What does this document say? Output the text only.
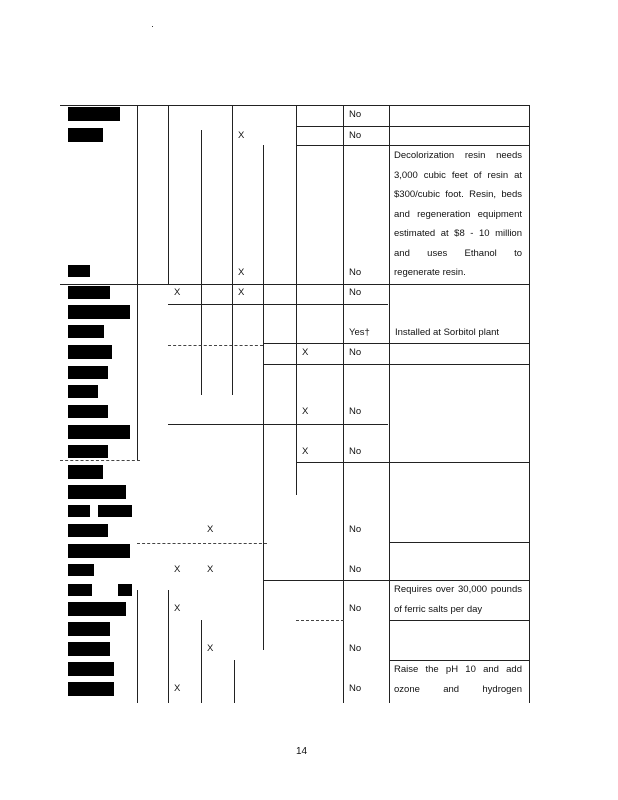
X
X
X	X
X
X
X
X
X	X
X
X
X
No
No
No
No
Yes†
No
No
No
No
No
No
No
No
Decolorization resin needs
3,000 cubic feet of resin at
$300/cubic foot. Resin, beds
and regeneration equipment
estimated at $8 - 10 million
and uses Ethanol to
regenerate resin.
Installed at Sorbitol plant
Requires over 30,000 pounds
of ferric salts per day
Raise the pH 10 and add
ozone and hydrogen
14
